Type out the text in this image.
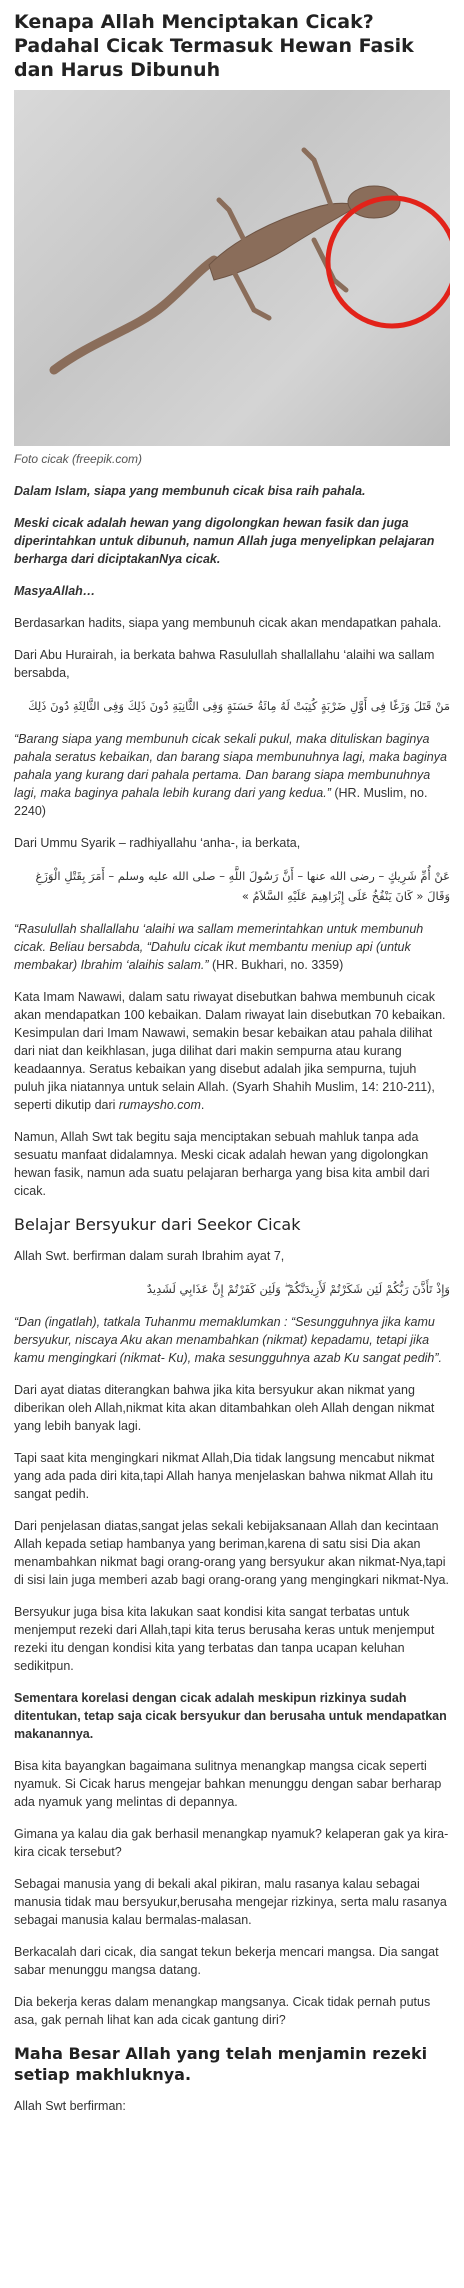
Kenapa Allah Menciptakan Cicak? Padahal Cicak Termasuk Hewan Fasik dan Harus Dibunuh
Foto cicak (freepik.com)

Dalam Islam, siapa yang membunuh cicak bisa raih pahala.

Meski cicak adalah hewan yang digolongkan hewan fasik dan juga diperintahkan untuk dibunuh, namun Allah juga menyelipkan pelajaran berharga dari diciptakanNya cicak.

MasyaAllah…

Berdasarkan hadits, siapa yang membunuh cicak akan mendapatkan pahala.

Dari Abu Hurairah, ia berkata bahwa Rasulullah shallallahu ‘alaihi wa sallam bersabda,

مَنْ قَتَلَ وَزَغًا فِى أَوَّلِ ضَرْبَةٍ كُتِبَتْ لَهُ مِائَةُ حَسَنَةٍ وَفِى الثَّانِيَةِ دُونَ ذَلِكَ وَفِى الثَّالِثَةِ دُونَ ذَلِكَ

“Barang siapa yang membunuh cicak sekali pukul, maka dituliskan baginya pahala seratus kebaikan, dan barang siapa membunuhnya lagi, maka baginya pahala yang kurang dari pahala pertama. Dan barang siapa membunuhnya lagi, maka baginya pahala lebih kurang dari yang kedua.” (HR. Muslim, no. 2240)

Dari Ummu Syarik – radhiyallahu ‘anha-, ia berkata,

عَنْ أُمِّ شَرِيكٍ – رضى الله عنها – أَنَّ رَسُولَ اللَّهِ – صلى الله عليه وسلم – أَمَرَ بِقَتْلِ الْوَزَغِ وَقَالَ « كَانَ يَنْفُخُ عَلَى إِبْرَاهِيمَ عَلَيْهِ السَّلاَمُ »

“Rasulullah shallallahu ‘alaihi wa sallam memerintahkan untuk membunuh cicak. Beliau bersabda, “Dahulu cicak ikut membantu meniup api (untuk membakar) Ibrahim ‘alaihis salam.” (HR. Bukhari, no. 3359)

Kata Imam Nawawi, dalam satu riwayat disebutkan bahwa membunuh cicak akan mendapatkan 100 kebaikan. Dalam riwayat lain disebutkan 70 kebaikan. Kesimpulan dari Imam Nawawi, semakin besar kebaikan atau pahala dilihat dari niat dan keikhlasan, juga dilihat dari makin sempurna atau kurang keadaannya. Seratus kebaikan yang disebut adalah jika sempurna, tujuh puluh jika niatannya untuk selain Allah. (Syarh Shahih Muslim, 14: 210-211), seperti dikutip dari rumaysho.com.

Namun, Allah Swt tak begitu saja menciptakan sebuah mahluk tanpa ada sesuatu manfaat didalamnya. Meski cicak adalah hewan yang digolongkan hewan fasik, namun ada suatu pelajaran berharga yang bisa kita ambil dari cicak.

Belajar Bersyukur dari Seekor Cicak

Allah Swt. berfirman dalam surah Ibrahim ayat 7,

وَإِذْ تَأَذَّنَ رَبُّكُمْ لَئِن شَكَرْتُمْ لَأَزِيدَنَّكُمْ ۖ وَلَئِن كَفَرْتُمْ إِنَّ عَذَابِي لَشَدِيدٌ

“Dan (ingatlah), tatkala Tuhanmu memaklumkan : “Sesungguhnya jika kamu bersyukur, niscaya Aku akan menambahkan (nikmat) kepadamu, tetapi jika kamu mengingkari (nikmat- Ku), maka sesungguhnya azab Ku sangat pedih”.

Dari ayat diatas diterangkan bahwa jika kita bersyukur akan nikmat yang diberikan oleh Allah,nikmat kita akan ditambahkan oleh Allah dengan nikmat yang lebih banyak lagi.

Tapi saat kita mengingkari nikmat Allah,Dia tidak langsung mencabut nikmat yang ada pada diri kita,tapi Allah hanya menjelaskan bahwa nikmat Allah itu sangat pedih.

Dari penjelasan diatas,sangat jelas sekali kebijaksanaan Allah dan kecintaan Allah kepada setiap hambanya yang beriman,karena di satu sisi Dia akan menambahkan nikmat bagi orang-orang yang bersyukur akan nikmat-Nya,tapi di sisi lain juga memberi azab bagi orang-orang yang mengingkari nikmat-Nya.

Bersyukur juga bisa kita lakukan saat kondisi kita sangat terbatas untuk menjemput rezeki dari Allah,tapi kita terus berusaha keras untuk menjemput rezeki itu dengan kondisi kita yang terbatas dan tanpa ucapan keluhan sedikitpun.

Sementara korelasi dengan cicak adalah meskipun rizkinya sudah ditentukan, tetap saja cicak bersyukur dan berusaha untuk mendapatkan makanannya.

Bisa kita bayangkan bagaimana sulitnya menangkap mangsa cicak seperti nyamuk. Si Cicak harus mengejar bahkan menunggu dengan sabar berharap ada nyamuk yang melintas di depannya.

Gimana ya kalau dia gak berhasil menangkap nyamuk? kelaperan gak ya kira-kira cicak tersebut?

Sebagai manusia yang di bekali akal pikiran, malu rasanya kalau sebagai manusia tidak mau bersyukur,berusaha mengejar rizkinya, serta malu rasanya sebagai manusia kalau bermalas-malasan.

Berkacalah dari cicak, dia sangat tekun bekerja mencari mangsa. Dia sangat sabar menunggu mangsa datang.

Dia bekerja keras dalam menangkap mangsanya. Cicak tidak pernah putus asa, gak pernah lihat kan ada cicak gantung diri?

Maha Besar Allah yang telah menjamin rezeki setiap makhluknya.

Allah Swt berfirman:
